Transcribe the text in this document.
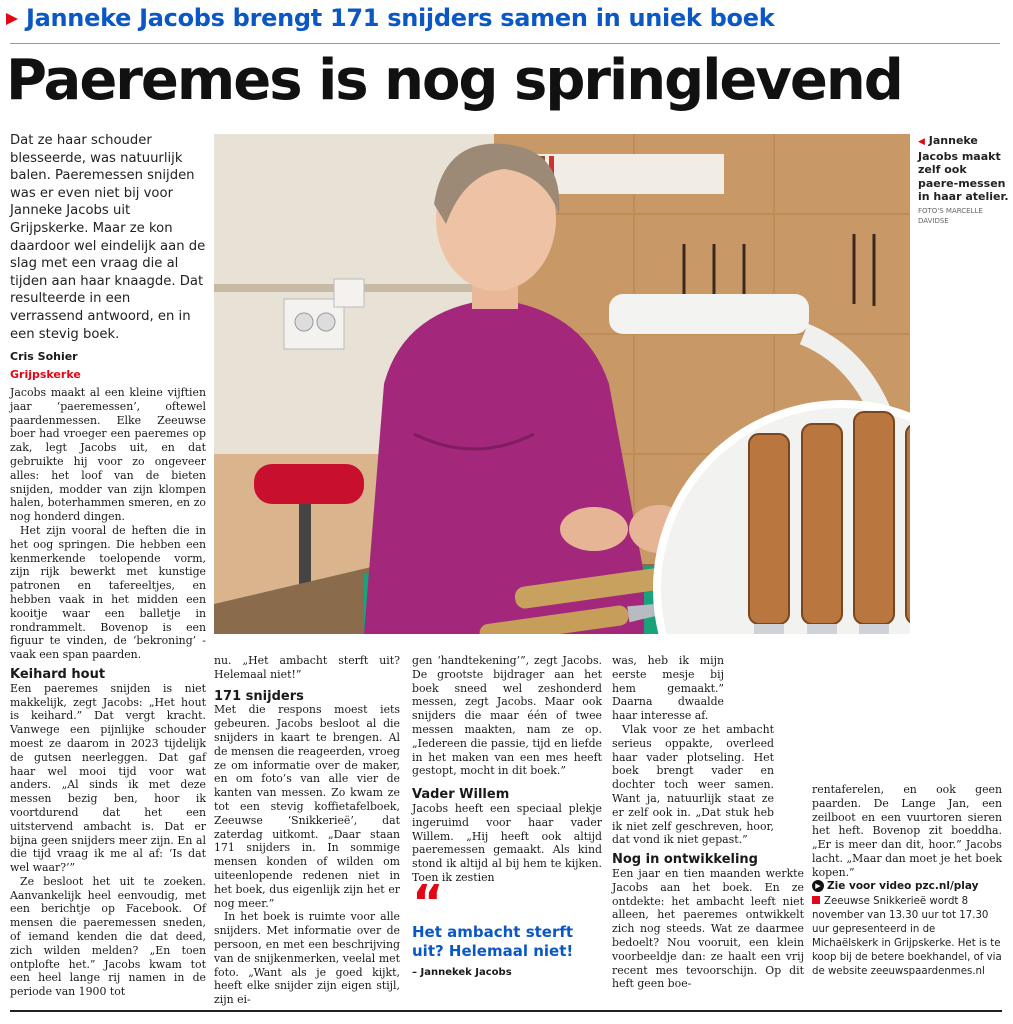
Janneke Jacobs brengt 171 snijders samen in uniek boek
Paeremes is nog springlevend
Dat ze haar schouder blesseerde, was natuurlijk balen. Paeremessen snijden was er even niet bij voor Janneke Jacobs uit Grijpskerke. Maar ze kon daardoor wel eindelijk aan de slag met een vraag die al tijden aan haar knaagde. Dat resulteerde in een verrassend antwoord, en in een stevig boek.
Cris Sohier
Grijpskerke
◀ Janneke Jacobs maakt zelf ook paere-messen in haar atelier.
FOTO'S MARCELLE DAVIDSE

Jacobs maakt al een kleine vijftien jaar ‘paeremessen’, oftewel paardenmessen. Elke Zeeuwse boer had vroeger een paeremes op zak, legt Jacobs uit, en dat gebruikte hij voor zo ongeveer alles: het loof van de bieten snijden, modder van zijn klompen halen, boterhammen smeren, en zo nog honderd dingen.

Het zijn vooral de heften die in het oog springen. Die hebben een kenmerkende toelopende vorm, zijn rijk bewerkt met kunstige patronen en tafereeltjes, en hebben vaak in het midden een kooitje waar een balletje in rondrammelt. Bovenop is een figuur te vinden, de ‘bekroning’ - vaak een span paarden.

Keihard hout

Een paeremes snijden is niet makkelijk, zegt Jacobs: „Het hout is keihard.” Dat vergt kracht. Vanwege een pijnlijke schouder moest ze daarom in 2023 tijdelijk de gutsen neerleggen. Dat gaf haar wel mooi tijd voor wat anders. „Al sinds ik met deze messen bezig ben, hoor ik voortdurend dat het een uitstervend ambacht is. Dat er bijna geen snijders meer zijn. En al die tijd vraag ik me al af: ‘Is dat wel waar?’”

Ze besloot het uit te zoeken. Aanvankelijk heel eenvoudig, met een berichtje op Facebook. Of mensen die paeremessen sneden, of iemand kenden die dat deed, zich wilden melden? „En toen ontplofte het.” Jacobs kwam tot een heel lange rij namen in de periode van 1900 tot

nu. „Het ambacht sterft uit? Helemaal niet!”

171 snijders

Met die respons moest iets gebeuren. Jacobs besloot al die snijders in kaart te brengen. Al de mensen die reageerden, vroeg ze om informatie over de maker, en om foto’s van alle vier de kanten van messen. Zo kwam ze tot een stevig koffietafelboek, Zeeuwse ‘Snikkerieë’, dat zaterdag uitkomt. „Daar staan 171 snijders in. In sommige mensen konden of wilden om uiteenlopende redenen niet in het boek, dus eigenlijk zijn het er nog meer.”

In het boek is ruimte voor alle snijders. Met informatie over de persoon, en met een beschrijving van de snijkenmerken, veelal met foto. „Want als je goed kijkt, heeft elke snijder zijn eigen stijl, zijn ei-

gen ‘handtekening’”, zegt Jacobs. De grootste bijdrager aan het boek sneed wel zeshonderd messen, zegt Jacobs. Maar ook snijders die maar één of twee messen maakten, nam ze op. „Iedereen die passie, tijd en liefde in het maken van een mes heeft gestopt, mocht in dit boek.”

Vader Willem

Jacobs heeft een speciaal plekje ingeruimd voor haar vader Willem. „Hij heeft ook altijd paeremessen gemaakt. Als kind stond ik altijd al bij hem te kijken. Toen ik zestien

“
Het ambacht sterft uit? Helemaal niet!
– Jannekek Jacobs

was, heb ik mijn eerste mesje bij hem gemaakt.” Daarna dwaalde haar interesse af.

Vlak voor ze het ambacht serieus oppakte, overleed haar vader plotseling. Het boek brengt vader en dochter toch weer samen. Want ja, natuurlijk staat ze er zelf ook in. „Dat stuk heb ik niet zelf geschreven, hoor, dat vond ik niet gepast.”

Nog in ontwikkeling

Een jaar en tien maanden werkte Jacobs aan het boek. En ze ontdekte: het ambacht leeft niet alleen, het paeremes ontwikkelt zich nog steeds. Wat ze daarmee bedoelt? Nou vooruit, een klein voorbeeldje dan: ze haalt een vrij recent mes tevoorschijn. Op dit heft geen boe-

rentaferelen, en ook geen paarden. De Lange Jan, een zeilboot en een vuurtoren sieren het heft. Bovenop zit boeddha. „Er is meer dan dit, hoor.” Jacobs lacht. „Maar dan moet je het boek kopen.”

▶ Zie voor video pzc.nl/play
Zeeuwse Snikkerieë wordt 8 november van 13.30 uur tot 17.30 uur gepresenteerd in de Michaëlskerk in Grijpskerke. Het is te koop bij de betere boekhandel, of via de website zeeuwspaardenmes.nl
